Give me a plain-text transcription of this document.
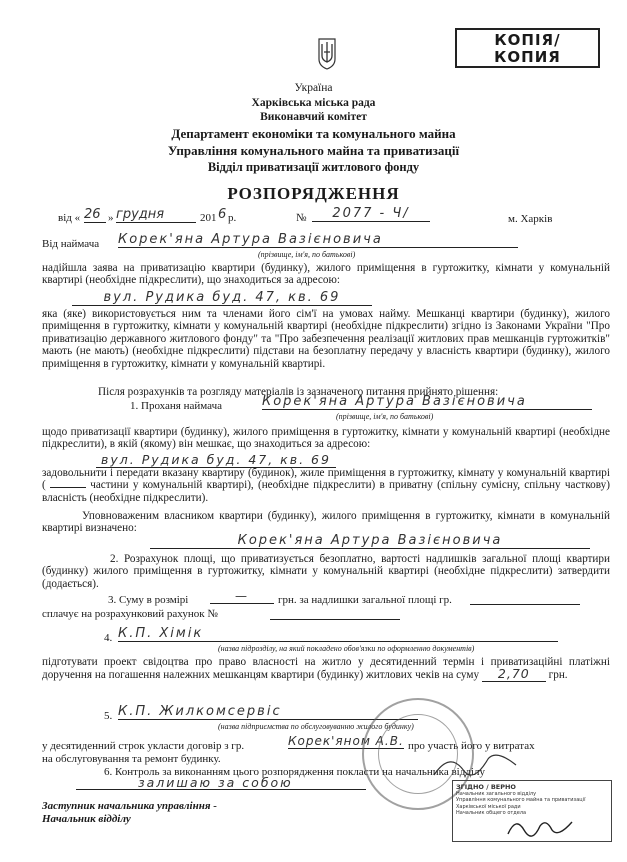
КОПІЯ/
КОПИЯ
Україна
Харківська міська рада
Виконавчий комітет
Департамент економіки та комунального майна
Управління комунального майна та приватизації
Відділ приватизації житлового фонду
РОЗПОРЯДЖЕННЯ
від « 26 » грудня	201 6 р.	№	2077 - Ч/	м. Харків
Від наймача Корек'яна Артура Вазієновича
(прізвище, ім'я, по батькові)
надійшла заява на приватизацію квартири (будинку), жилого приміщення в гуртожитку, кімнати у комунальній квартирі (необхідне підкреслити), що знаходиться за адресою:
вул. Рудика буд. 47, кв. 69
яка (яке) використовується ним та членами його сім'ї на умовах найму. Мешканці квартири (будинку), жилого приміщення в гуртожитку, кімнати у комунальній квартирі (необхідне підкреслити) згідно із Законами України "Про приватизацію державного житлового фонду" та "Про забезпечення реалізації житлових прав мешканців гуртожитків" мають (не мають) (необхідне підкреслити) підстави на безоплатну передачу у власність квартири (будинку), жилого приміщення в гуртожитку, кімнати у комунальній квартирі.
Після розрахунків та розгляду матеріалів із зазначеного питання прийнято рішення:
1. Проханя наймача	Корек'яна Артура Вазієновича
(прізвище, ім'я, по батькові)
щодо приватизації квартири (будинку), жилого приміщення в гуртожитку, кімнати у комунальній квартирі (необхідне підкреслити), в якій (якому) він мешкає, що знаходиться за адресою:
вул. Рудика буд. 47, кв. 69
задовольнити і передати вказану квартиру (будинок), жиле приміщення в гуртожитку, кімнату у комунальній квартирі (	частини у комунальній квартирі), (необхідне підкреслити) в приватну (спільну сумісну, спільну часткову) власність (необхідне підкреслити).
Уповноваженим власником квартири (будинку), жилого приміщення в гуртожитку, кімнати в комунальній квартирі визначено:
Корек'яна Артура Вазієновича
2. Розрахунок площі, що приватизується безоплатно, вартості надлишків загальної площі квартири (будинку) жилого приміщення в гуртожитку, кімнати у комунальній квартирі (необхідне підкреслити) затвердити (додається).
3. Суму в розмірі	—	грн. за надлишки загальної площі гр.
сплачує на розрахунковий рахунок №
4. К.П. Хімік
(назва підрозділу, на який покладено обов'язки по оформленню документів)
підготувати проект свідоцтва про право власності на житло у десятиденний термін і приватизаційні платіжні доручення на погашення належних мешканцям квартири (будинку) житлових чеків на суму 2,70 грн.
5. К.П. Жилкомсервіс
(назва підприємства по обслуговуванню жилого будинку)
у десятиденний строк укласти договір з гр.	Корек'яном А.В. про участь його у витратах
на обслуговування та ремонт будинку.
6. Контроль за виконанням цього розпорядження покласти на начальника відділу
залишаю за собою
Заступник начальника управління -
Начальник відділу
ЗГІДНО / ВЕРНО
Начальник загального відділу
Управління комунального майна та приватизації
Харківської міської ради
Начальник общего отдела
